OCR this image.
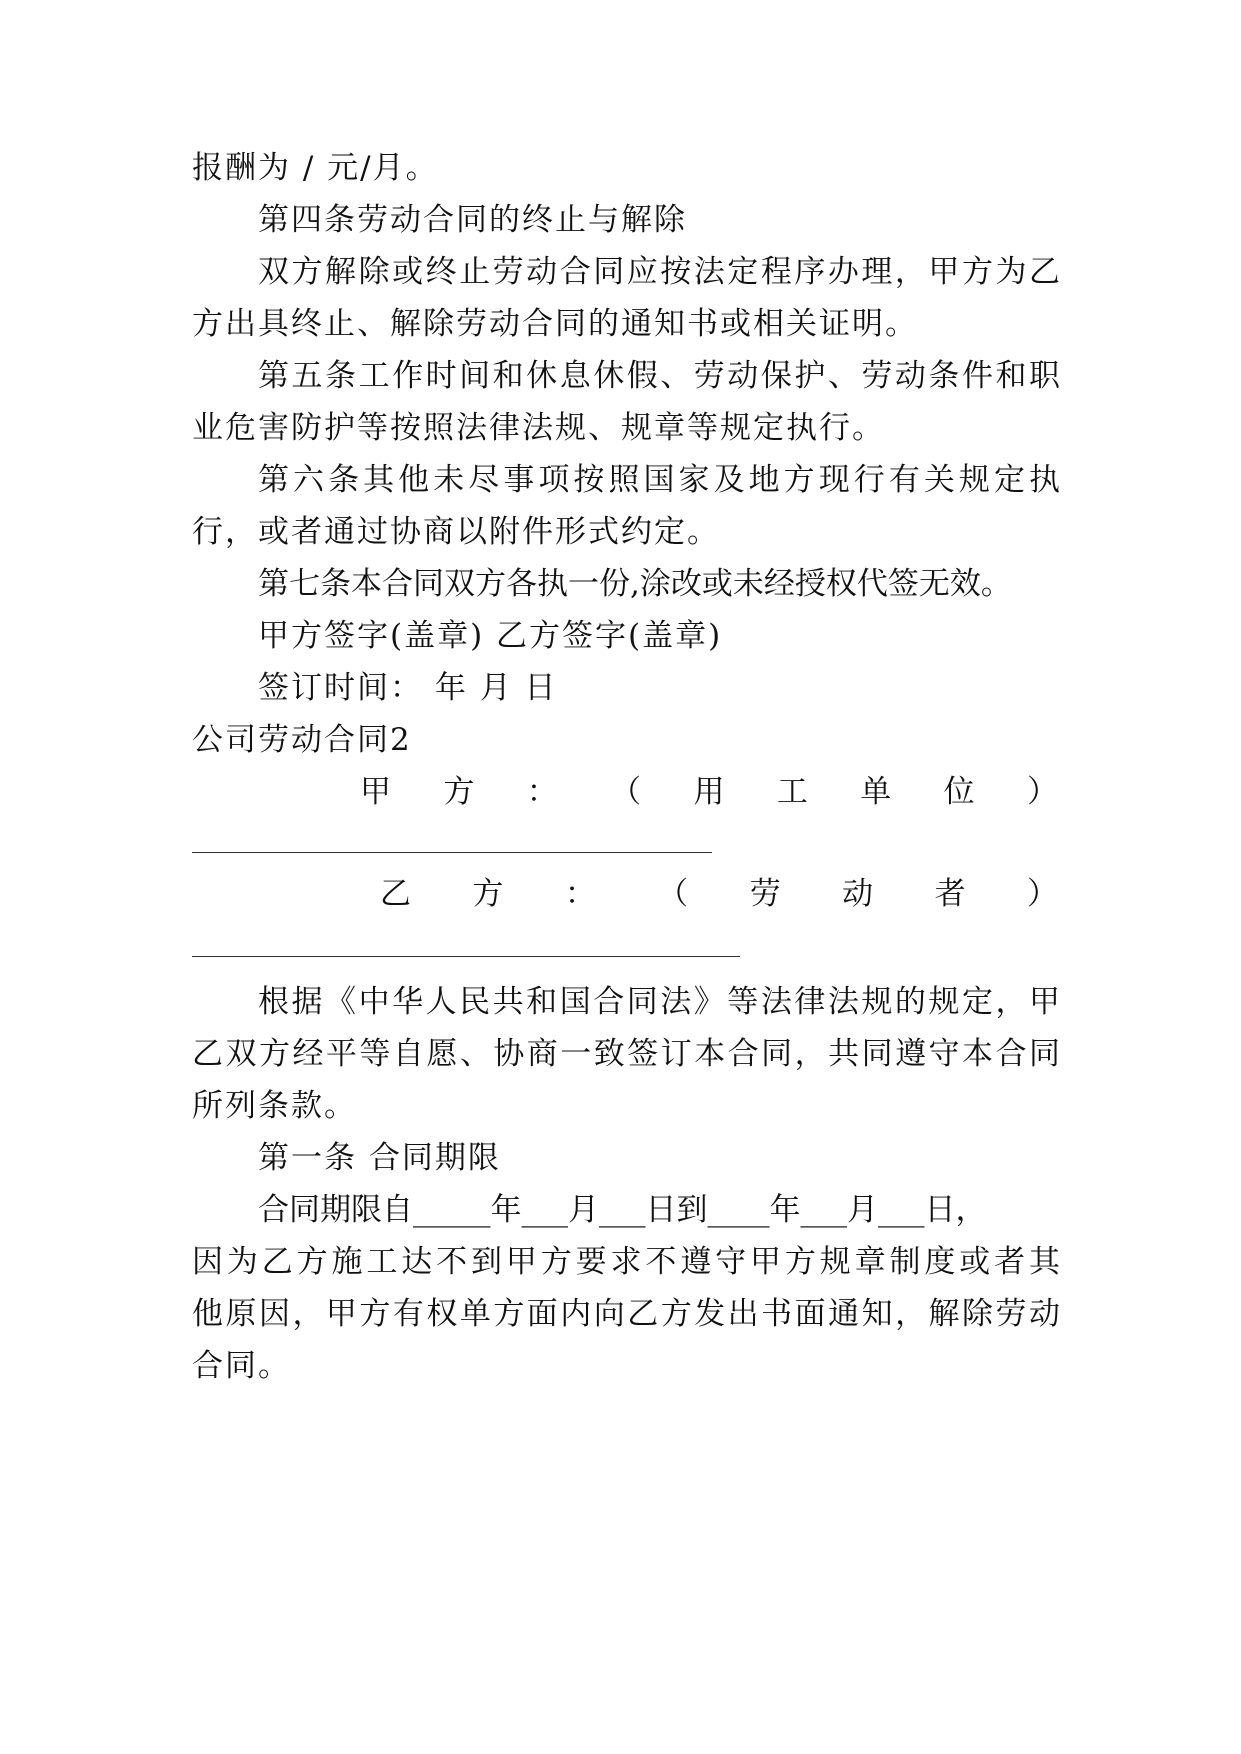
报酬为 / 元/月。
第四条劳动合同的终止与解除
双方解除或终止劳动合同应按法定程序办理，甲方为乙
方出具终止、解除劳动合同的通知书或相关证明。
第五条工作时间和休息休假、劳动保护、劳动条件和职
业危害防护等按照法律法规、规章等规定执行。
第六条其他未尽事项按照国家及地方现行有关规定执
行，或者通过协商以附件形式约定。
第七条本合同双方各执一份,涂改或未经授权代签无效。
甲方签字(盖章) 乙方签字(盖章)
签订时间： 年 月 日
公司劳动合同2
甲 方 ： （ 用 工 单 位 ）
乙 方 ： （ 劳 动 者 ）
根据《中华人民共和国合同法》等法律法规的规定，甲
乙双方经平等自愿、协商一致签订本合同，共同遵守本合同
所列条款。
第一条 合同期限
合同期限自_____年___月___日到____年___月___日，
因为乙方施工达不到甲方要求不遵守甲方规章制度或者其
他原因，甲方有权单方面内向乙方发出书面通知，解除劳动
合同。
